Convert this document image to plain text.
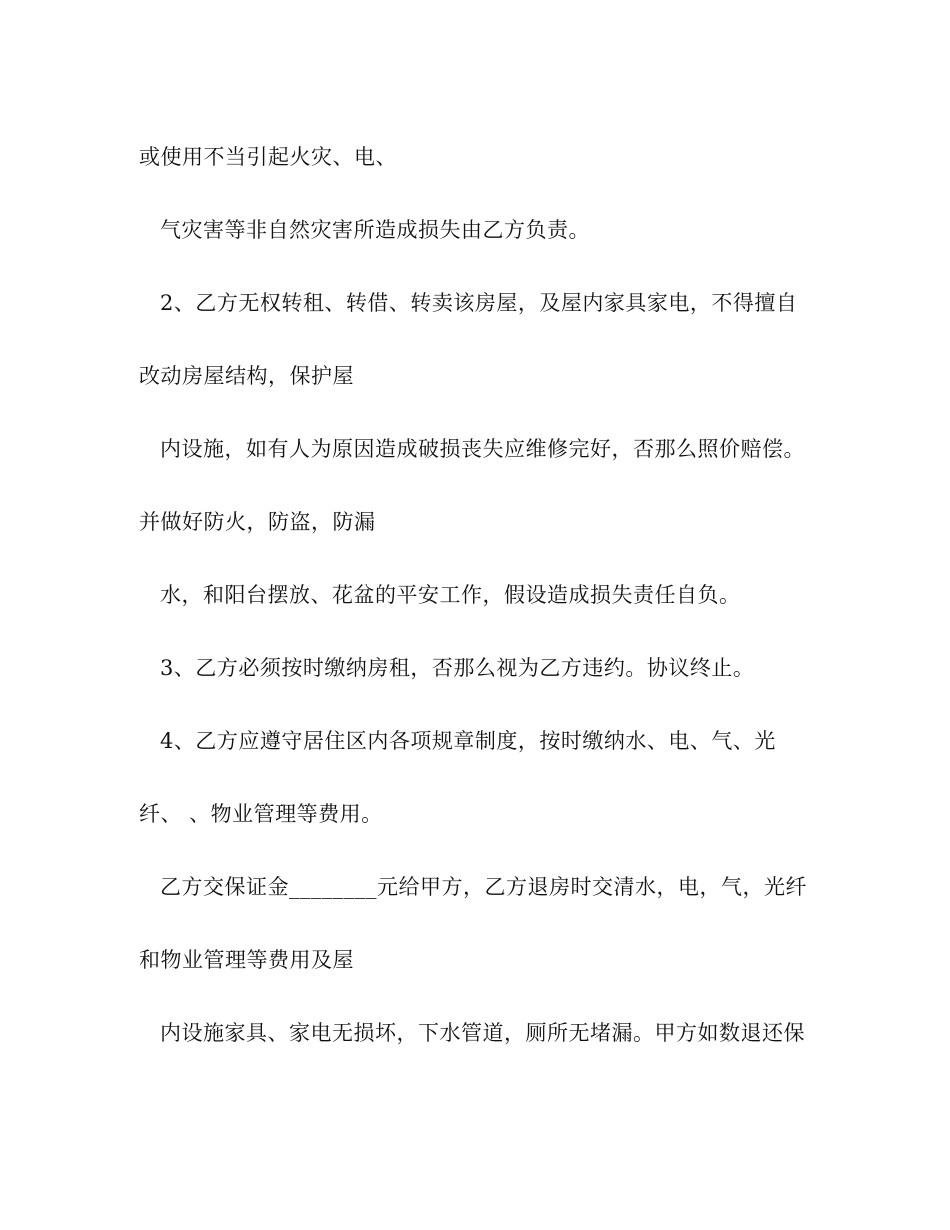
或使用不当引起火灾、电、
气灾害等非自然灾害所造成损失由乙方负责。
2、乙方无权转租、转借、转卖该房屋，及屋内家具家电，不得擅自
改动房屋结构，保护屋
内设施，如有人为原因造成破损丧失应维修完好，否那么照价赔偿。
并做好防火，防盗，防漏
水，和阳台摆放、花盆的平安工作，假设造成损失责任自负。
3、乙方必须按时缴纳房租，否那么视为乙方违约。协议终止。
4、乙方应遵守居住区内各项规章制度，按时缴纳水、电、气、光
纤、 、物业管理等费用。
乙方交保证金________元给甲方，乙方退房时交清水，电，气，光纤
和物业管理等费用及屋
内设施家具、家电无损坏，下水管道，厕所无堵漏。甲方如数退还保
